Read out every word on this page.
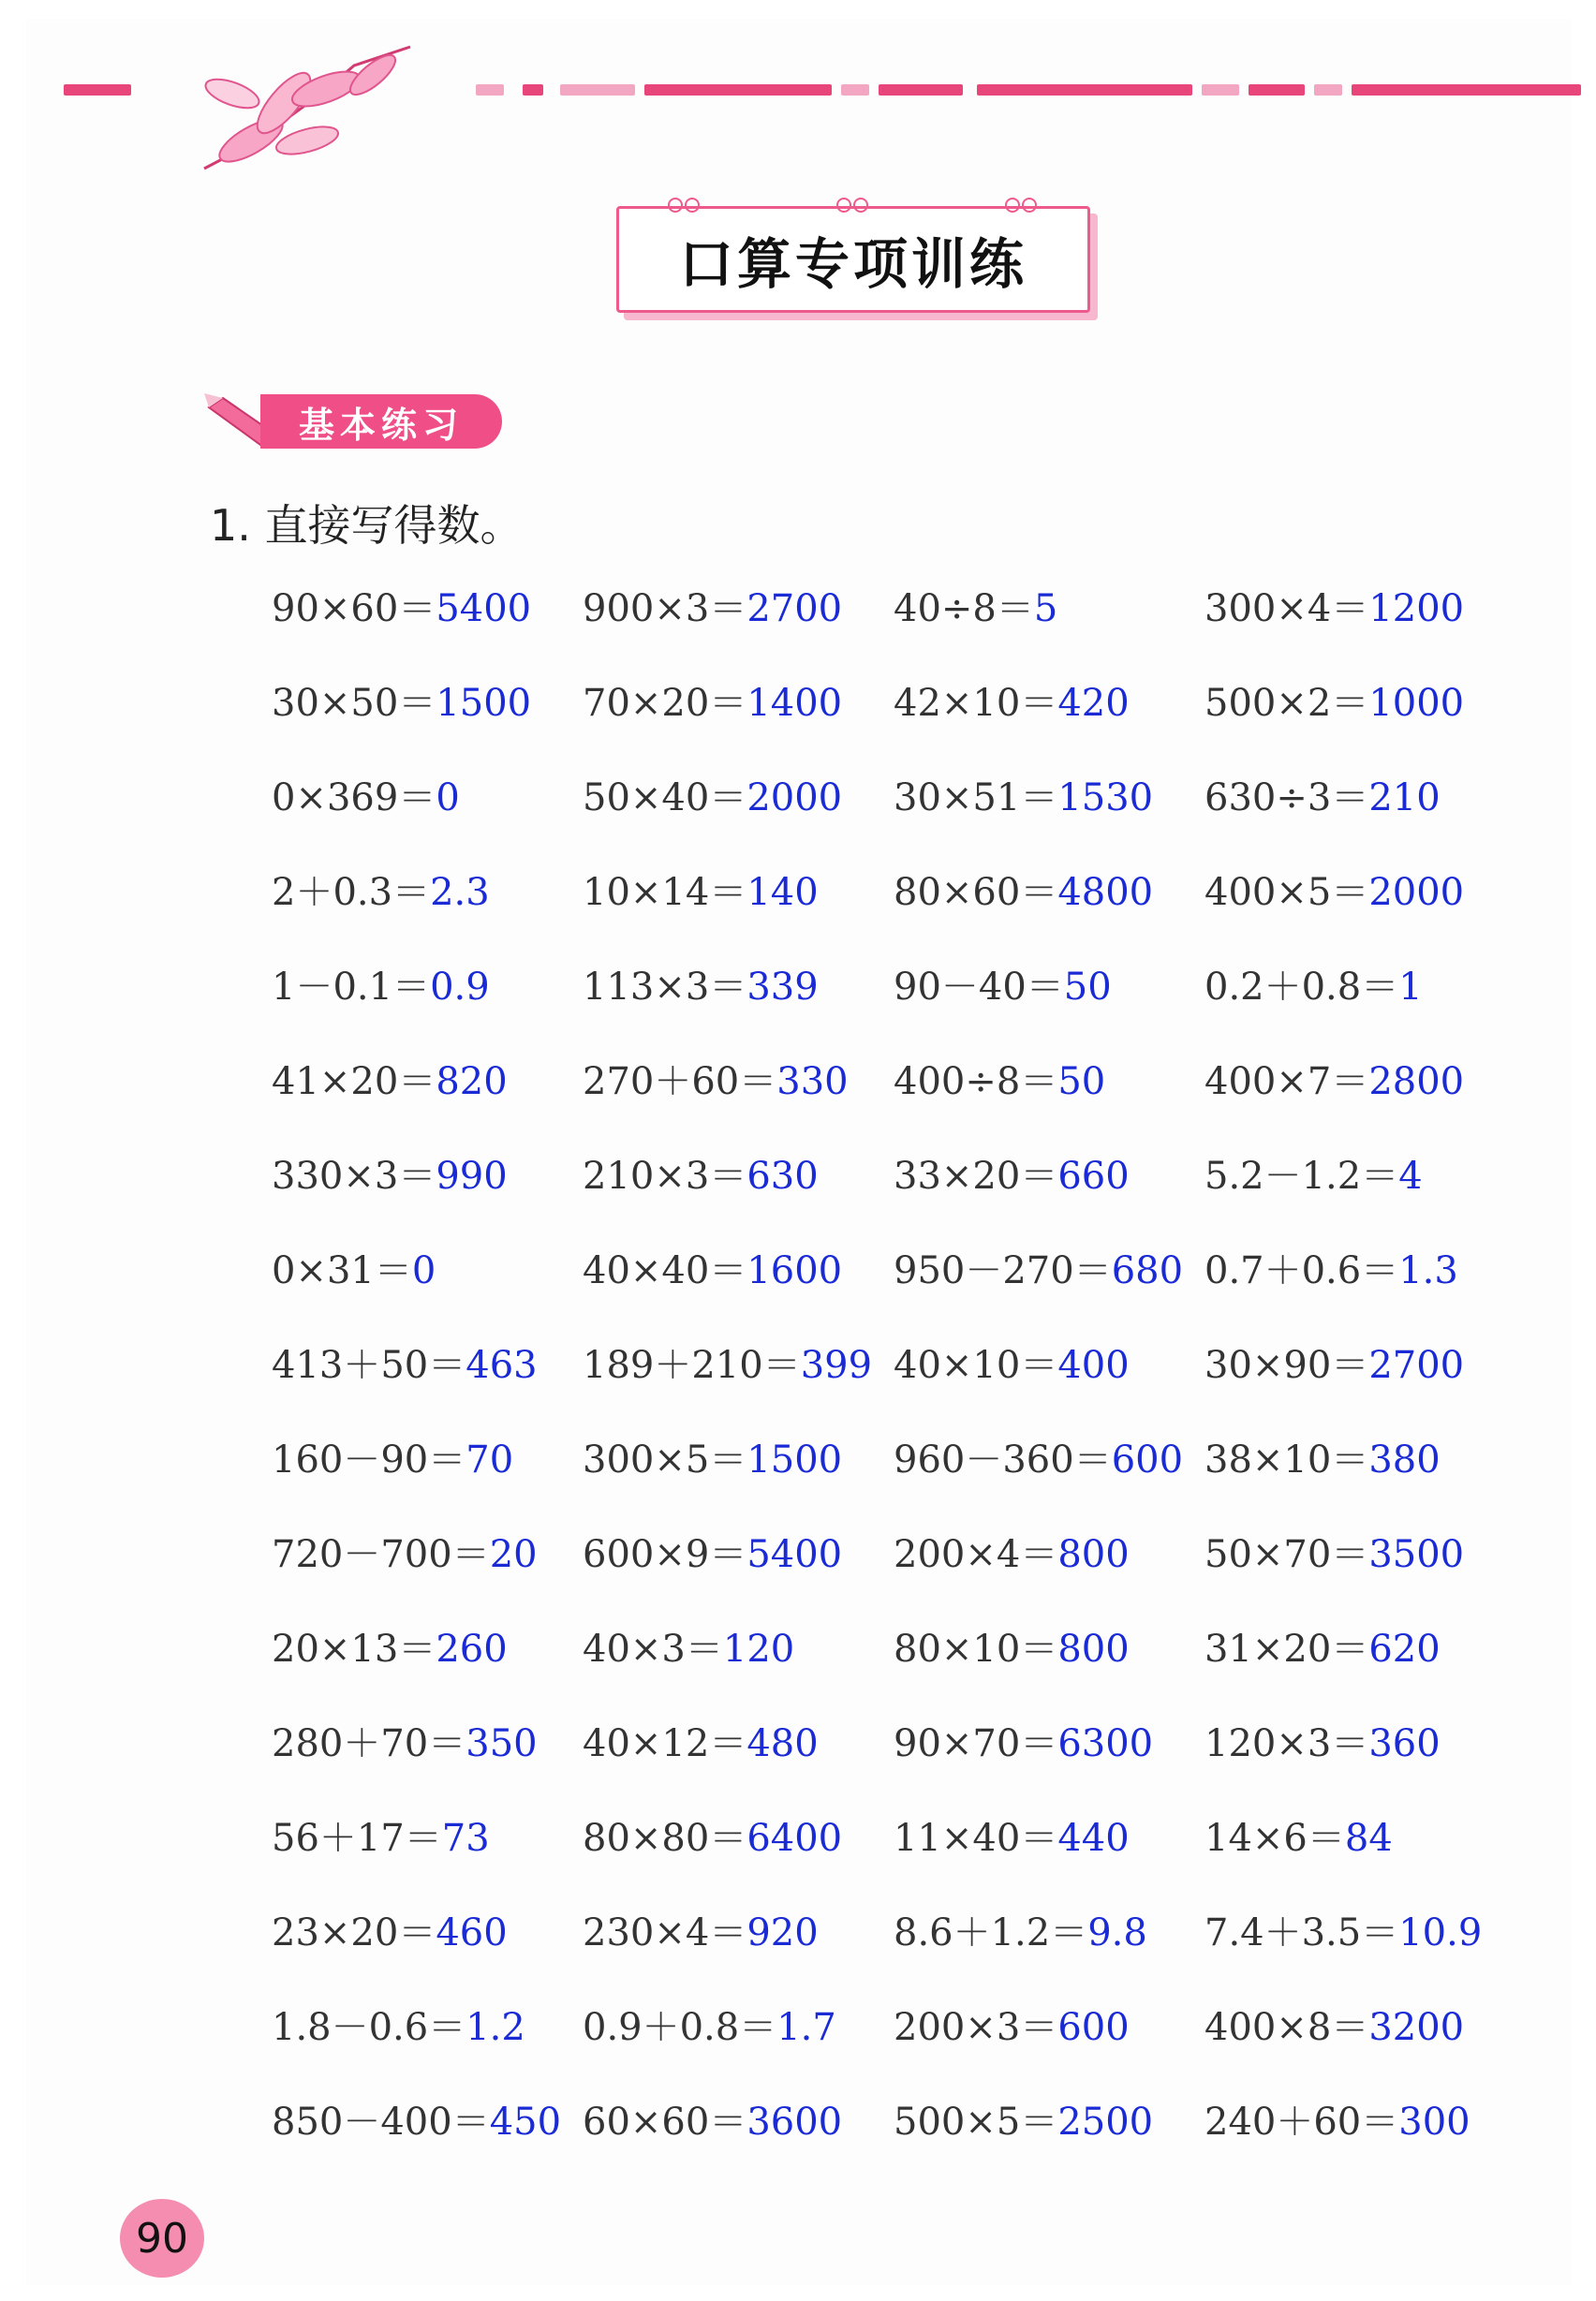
口算专项训练
基本练习
1. 直接写得数。
90×60＝5400	900×3＝2700	40÷8＝5	300×4＝1200
30×50＝1500	70×20＝1400	42×10＝420	500×2＝1000
0×369＝0	50×40＝2000	30×51＝1530	630÷3＝210
2＋0.3＝2.3	10×14＝140	80×60＝4800	400×5＝2000
1－0.1＝0.9	113×3＝339	90－40＝50	0.2＋0.8＝1
41×20＝820	270＋60＝330	400÷8＝50	400×7＝2800
330×3＝990	210×3＝630	33×20＝660	5.2－1.2＝4
0×31＝0	40×40＝1600	950－270＝680 0.7＋0.6＝1.3
413＋50＝463	189＋210＝399 40×10＝400	30×90＝2700
160－90＝70	300×5＝1500	960－360＝600 38×10＝380
720－700＝20	600×9＝5400	200×4＝800	50×70＝3500
20×13＝260	40×3＝120	80×10＝800	31×20＝620
280＋70＝350	40×12＝480	90×70＝6300	120×3＝360
56＋17＝73	80×80＝6400	11×40＝440	14×6＝84
23×20＝460	230×4＝920	8.6＋1.2＝9.8	7.4＋3.5＝10.9
1.8－0.6＝1.2	0.9＋0.8＝1.7	200×3＝600	400×8＝3200
850－400＝450 60×60＝3600	500×5＝2500	240＋60＝300
90
